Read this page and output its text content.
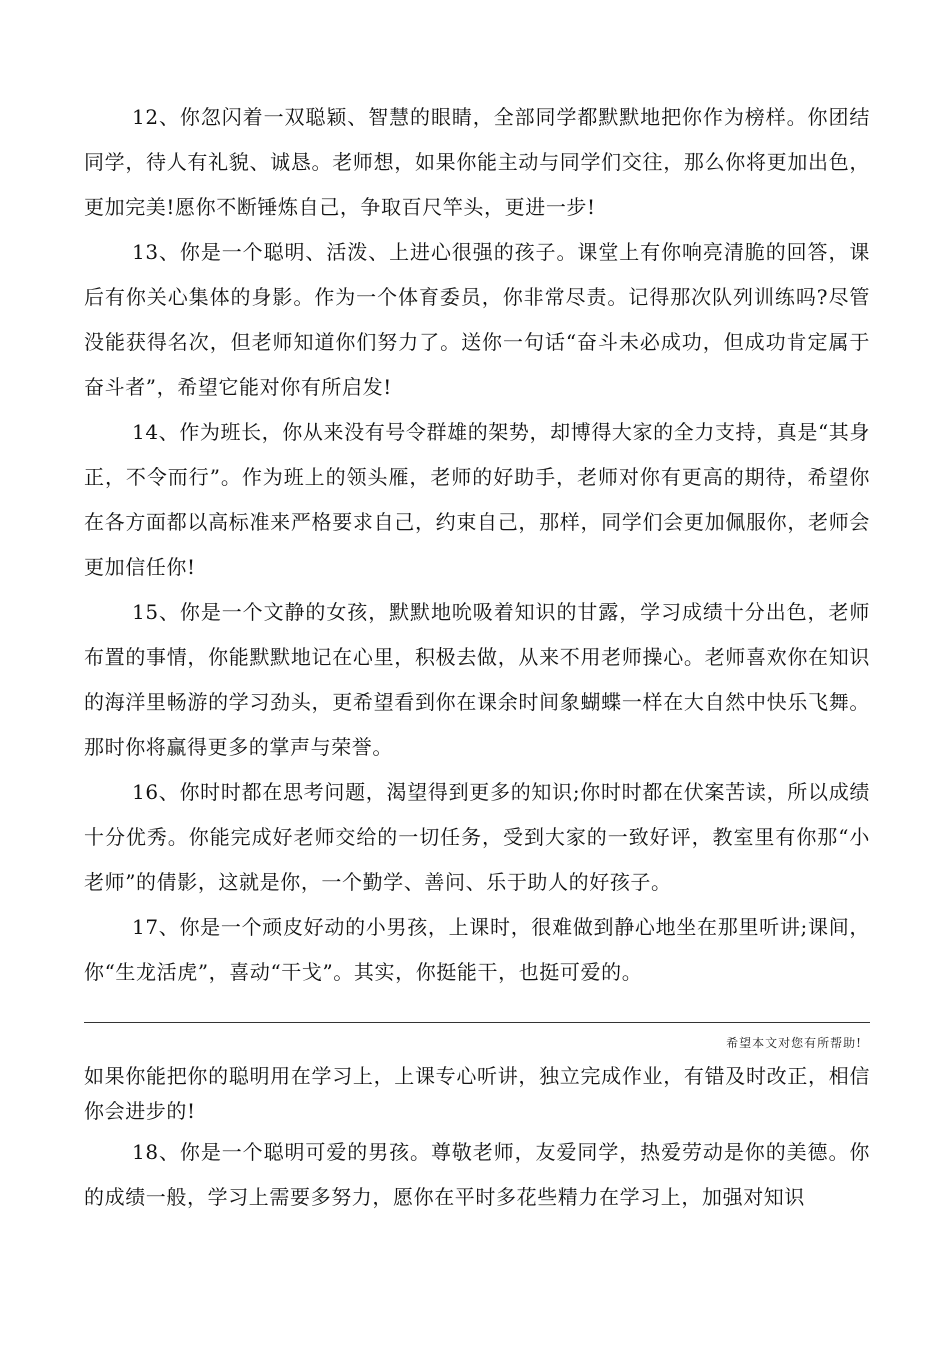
12、你忽闪着一双聪颖、智慧的眼睛，全部同学都默默地把你作为榜样。你团结同学，待人有礼貌、诚恳。老师想，如果你能主动与同学们交往，那么你将更加出色，更加完美!愿你不断锤炼自己，争取百尺竿头，更进一步!

13、你是一个聪明、活泼、上进心很强的孩子。课堂上有你响亮清脆的回答，课后有你关心集体的身影。作为一个体育委员，你非常尽责。记得那次队列训练吗?尽管没能获得名次，但老师知道你们努力了。送你一句话“奋斗未必成功，但成功肯定属于奋斗者”，希望它能对你有所启发!

14、作为班长，你从来没有号令群雄的架势，却博得大家的全力支持，真是“其身正，不令而行”。作为班上的领头雁，老师的好助手，老师对你有更高的期待，希望你在各方面都以高标准来严格要求自己，约束自己，那样，同学们会更加佩服你，老师会更加信任你!

15、你是一个文静的女孩，默默地吮吸着知识的甘露，学习成绩十分出色，老师布置的事情，你能默默地记在心里，积极去做，从来不用老师操心。老师喜欢你在知识的海洋里畅游的学习劲头，更希望看到你在课余时间象蝴蝶一样在大自然中快乐飞舞。那时你将赢得更多的掌声与荣誉。

16、你时时都在思考问题，渴望得到更多的知识;你时时都在伏案苦读，所以成绩十分优秀。你能完成好老师交给的一切任务，受到大家的一致好评，教室里有你那“小老师”的倩影，这就是你，一个勤学、善问、乐于助人的好孩子。

17、你是一个顽皮好动的小男孩，上课时，很难做到静心地坐在那里听讲;课间，你“生龙活虎”，喜动“干戈”。其实，你挺能干，也挺可爱的。

希望本文对您有所帮助!

如果你能把你的聪明用在学习上，上课专心听讲，独立完成作业，有错及时改正，相信你会进步的!

18、你是一个聪明可爱的男孩。尊敬老师，友爱同学，热爱劳动是你的美德。你的成绩一般，学习上需要多努力，愿你在平时多花些精力在学习上，加强对知识
